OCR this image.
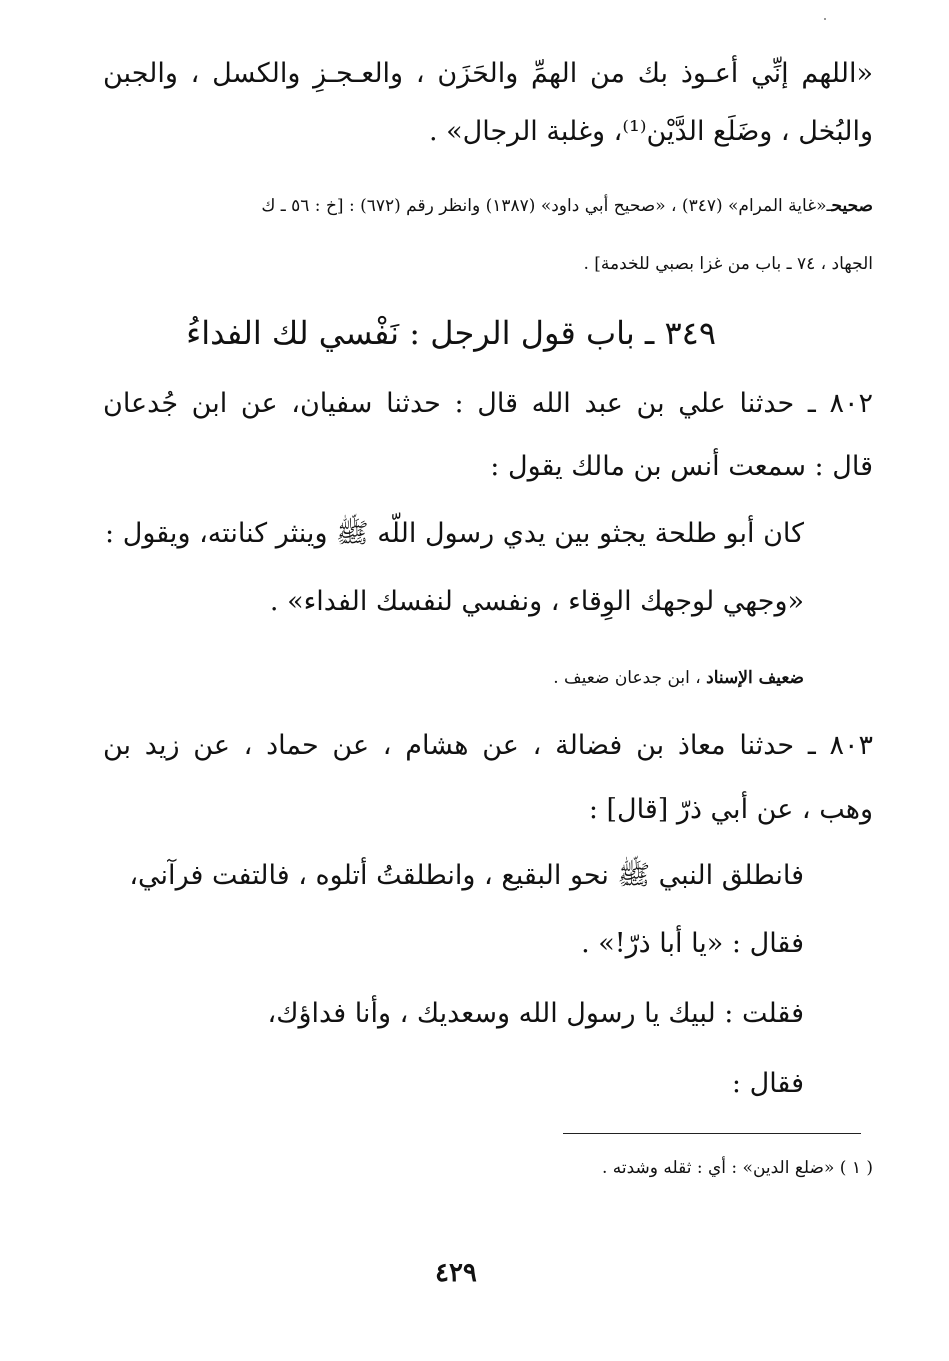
«اللهم إنِّي أعـوذ بك من الهمِّ والحَزَن ، والعـجـزِ والكسل ، والجبن
والبُخل ، وضَلَع الدَّيْن⁽¹⁾، وغلبة الرجال» .
صحيحـ«غاية المرام» (٣٤٧) ، «صحيح أبي داود» (١٣٨٧) وانظر رقم (٦٧٢) : [خ : ٥٦ ـ ك
الجهاد ، ٧٤ ـ باب من غزا بصبي للخدمة] .
٣٤٩ ـ باب قول الرجل : نَفْسي لك الفداءُ
٨٠٢ ـ حدثنا علي بن عبد الله قال : حدثنا سفيان، عن ابن جُدعان
قال : سمعت أنس بن مالك يقول :
كان أبو طلحة يجثو بين يدي رسول اللّه ﷺ وينثر كنانته، ويقول :
«وجهي لوجهك الوِقاء ، ونفسي لنفسك الفداء» .
ضعيف الإسناد ، ابن جدعان ضعيف .
٨٠٣ ـ حدثنا معاذ بن فضالة ، عن هشام ، عن حماد ، عن زيد بن
وهب ، عن أبي ذرّ [قال] :
فانطلق النبي ﷺ نحو البقيع ، وانطلقتُ أتلوه ، فالتفت فرآني،
فقال : «يا أبا ذرّ!» .
فقلت : لبيك يا رسول الله وسعديك ، وأنا فداؤك،
فقال :
( ١ ) «ضلع الدين» : أي : ثقله وشدته .
٤٢٩
